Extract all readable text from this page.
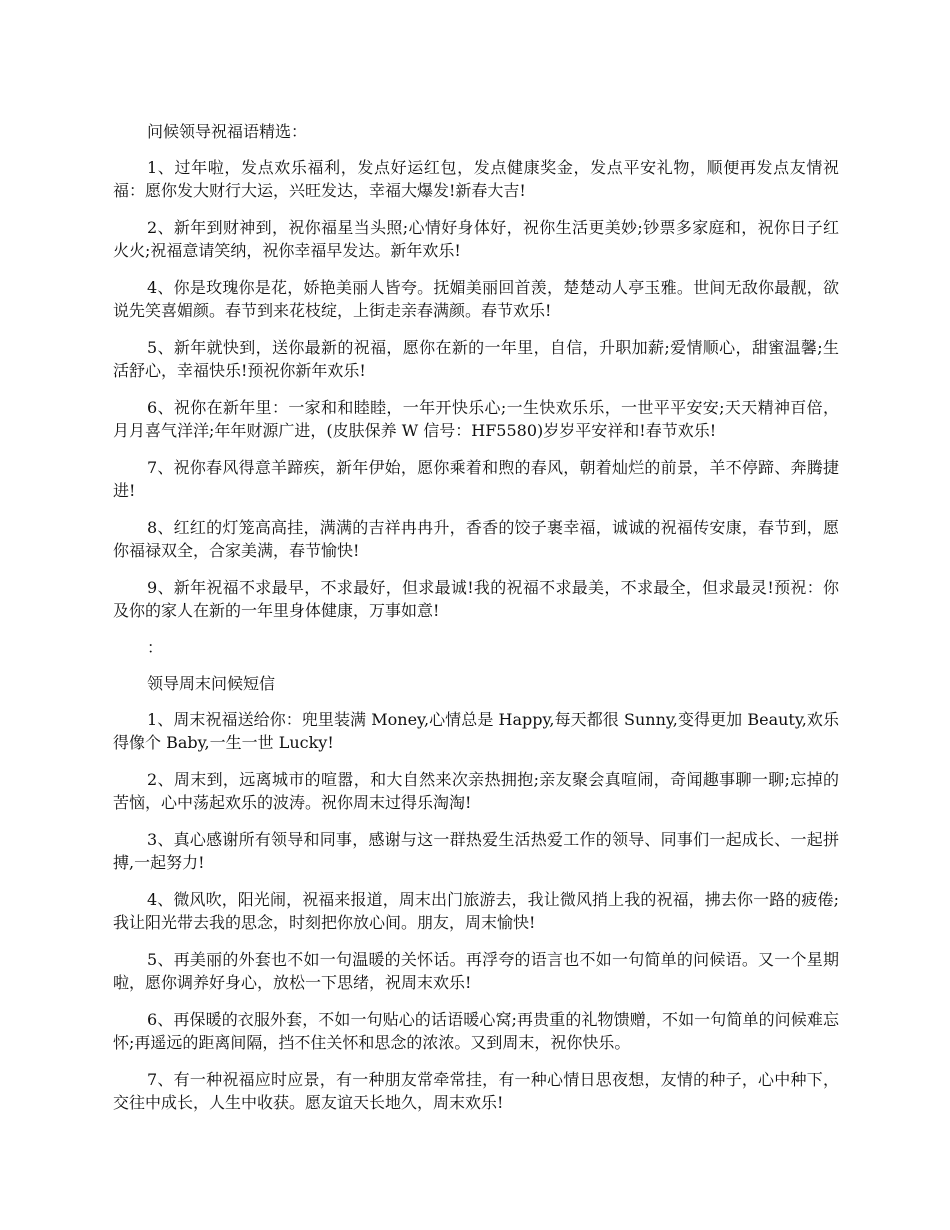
问候领导祝福语精选：

1、过年啦，发点欢乐福利，发点好运红包，发点健康奖金，发点平安礼物，顺便再发点友情祝福：愿你发大财行大运，兴旺发达，幸福大爆发!新春大吉!

2、新年到财神到，祝你福星当头照;心情好身体好，祝你生活更美妙;钞票多家庭和，祝你日子红火火;祝福意请笑纳，祝你幸福早发达。新年欢乐!

4、你是玫瑰你是花，娇艳美丽人皆夸。抚媚美丽回首羡，楚楚动人亭玉雅。世间无敌你最靓，欲说先笑喜媚颜。春节到来花枝绽，上街走亲春满颜。春节欢乐!

5、新年就快到，送你最新的祝福，愿你在新的一年里，自信，升职加薪;爱情顺心，甜蜜温馨;生活舒心，幸福快乐!预祝你新年欢乐!

6、祝你在新年里：一家和和睦睦，一年开快乐心;一生快欢乐乐，一世平平安安;天天精神百倍，月月喜气洋洋;年年财源广进，(皮肤保养 W 信号：HF5580)岁岁平安祥和!春节欢乐!

7、祝你春风得意羊蹄疾，新年伊始，愿你乘着和煦的春风，朝着灿烂的前景，羊不停蹄、奔腾捷进!

8、红红的灯笼高高挂，满满的吉祥冉冉升，香香的饺子裹幸福，诚诚的祝福传安康，春节到，愿你福禄双全，合家美满，春节愉快!

9、新年祝福不求最早，不求最好，但求最诚!我的祝福不求最美，不求最全，但求最灵!预祝：你及你的家人在新的一年里身体健康，万事如意!

：

领导周末问候短信

1、周末祝福送给你：兜里装满 Money,心情总是 Happy,每天都很 Sunny,变得更加 Beauty,欢乐得像个 Baby,一生一世 Lucky!

2、周末到，远离城市的喧嚣，和大自然来次亲热拥抱;亲友聚会真喧闹，奇闻趣事聊一聊;忘掉的苦恼，心中荡起欢乐的波涛。祝你周末过得乐淘淘!

3、真心感谢所有领导和同事，感谢与这一群热爱生活热爱工作的领导、同事们一起成长、一起拼搏,一起努力!

4、微风吹，阳光闹，祝福来报道，周末出门旅游去，我让微风捎上我的祝福，拂去你一路的疲倦;我让阳光带去我的思念，时刻把你放心间。朋友，周末愉快!

5、再美丽的外套也不如一句温暖的关怀话。再浮夸的语言也不如一句简单的问候语。又一个星期啦，愿你调养好身心，放松一下思绪，祝周末欢乐!

6、再保暖的衣服外套，不如一句贴心的话语暖心窝;再贵重的礼物馈赠，不如一句简单的问候难忘怀;再遥远的距离间隔，挡不住关怀和思念的浓浓。又到周末，祝你快乐。

7、有一种祝福应时应景，有一种朋友常牵常挂，有一种心情日思夜想，友情的种子，心中种下，交往中成长，人生中收获。愿友谊天长地久，周末欢乐!
